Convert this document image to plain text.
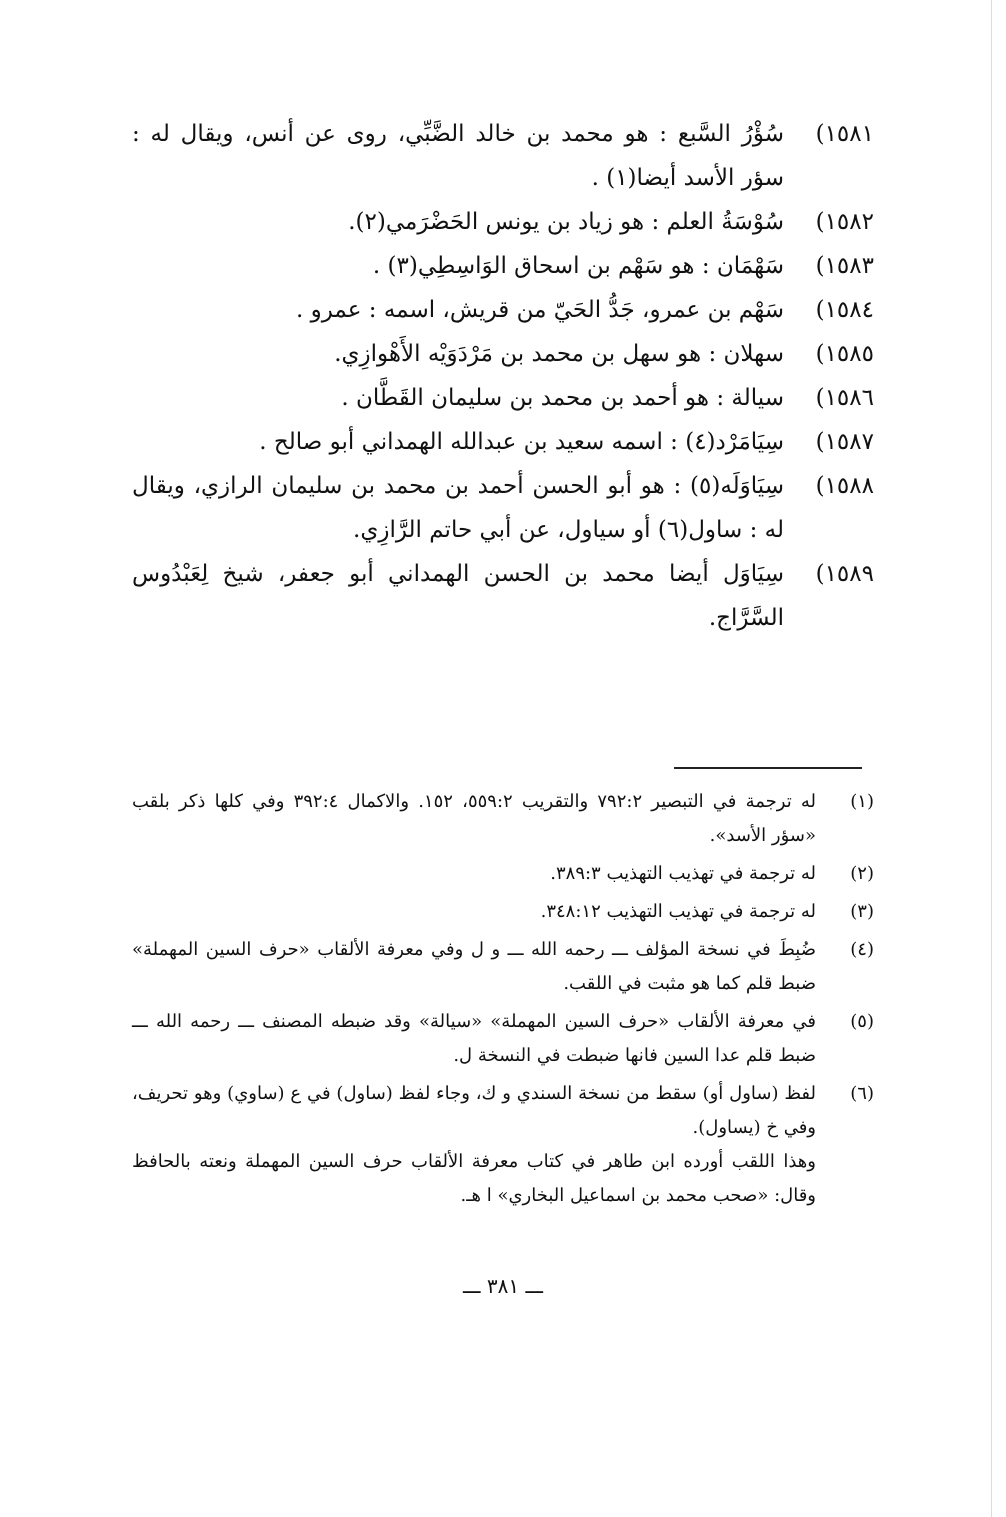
١٥٨١)
سُؤْرُ السَّبع : هو محمد بن خالد الضَّبِّي، روى عن أنس، ويقال له : سؤر الأسد أيضا(١) .
١٥٨٢)
سُوْسَةُ العلم : هو زياد بن يونس الحَضْرَمي(٢).
١٥٨٣)
سَهْمَان : هو سَهْم بن اسحاق الوَاسِطِي(٣) .
١٥٨٤)
سَهْم بن عمرو، جَدُّ الحَيّ من قريش، اسمه : عمرو .
١٥٨٥)
سهلان : هو سهل بن محمد بن مَرْدَوَيْه الأَهْوازِي.
١٥٨٦)
سيالة : هو أحمد بن محمد بن سليمان القَطَّان .
١٥٨٧)
سِيَامَرْد(٤) : اسمه سعيد بن عبدالله الهمداني أبو صالح .
١٥٨٨)
سِيَاوَلَه(٥) : هو أبو الحسن أحمد بن محمد بن سليمان الرازي، ويقال له : ساول(٦) أو سياول، عن أبي حاتم الرَّازِي.
١٥٨٩)
سِيَاوَل أيضا محمد بن الحسن الهمداني أبو جعفر، شيخ لِعَبْدُوس السَّرَّاج.
(١)
له ترجمة في التبصير ٧٩٢:٢ والتقريب ٥٥٩:٢، ١٥٢. والاكمال ٣٩٢:٤ وفي كلها ذكر بلقب «سؤر الأسد».
(٢)
له ترجمة في تهذيب التهذيب ٣٨٩:٣.
(٣)
له ترجمة في تهذيب التهذيب ٣٤٨:١٢.
(٤)
ضُبِطَ في نسخة المؤلف ـــ رحمه الله ـــ و ل وفي معرفة الألقاب «حرف السين المهملة» ضبط قلم كما هو مثبت في اللقب.
(٥)
في معرفة الألقاب «حرف السين المهملة» «سيالة» وقد ضبطه المصنف ـــ رحمه الله ـــ ضبط قلم عدا السين فانها ضبطت في النسخة ل.
(٦)
لفظ (ساول أو) سقط من نسخة السندي و ك، وجاء لفظ (ساول) في ع (ساوي) وهو تحريف، وفي خ (يساول).
وهذا اللقب أورده ابن طاهر في كتاب معرفة الألقاب حرف السين المهملة ونعته بالحافظ وقال: «صحب محمد بن اسماعيل البخاري» ا هـ.
ـــ ٣٨١ ـــ
